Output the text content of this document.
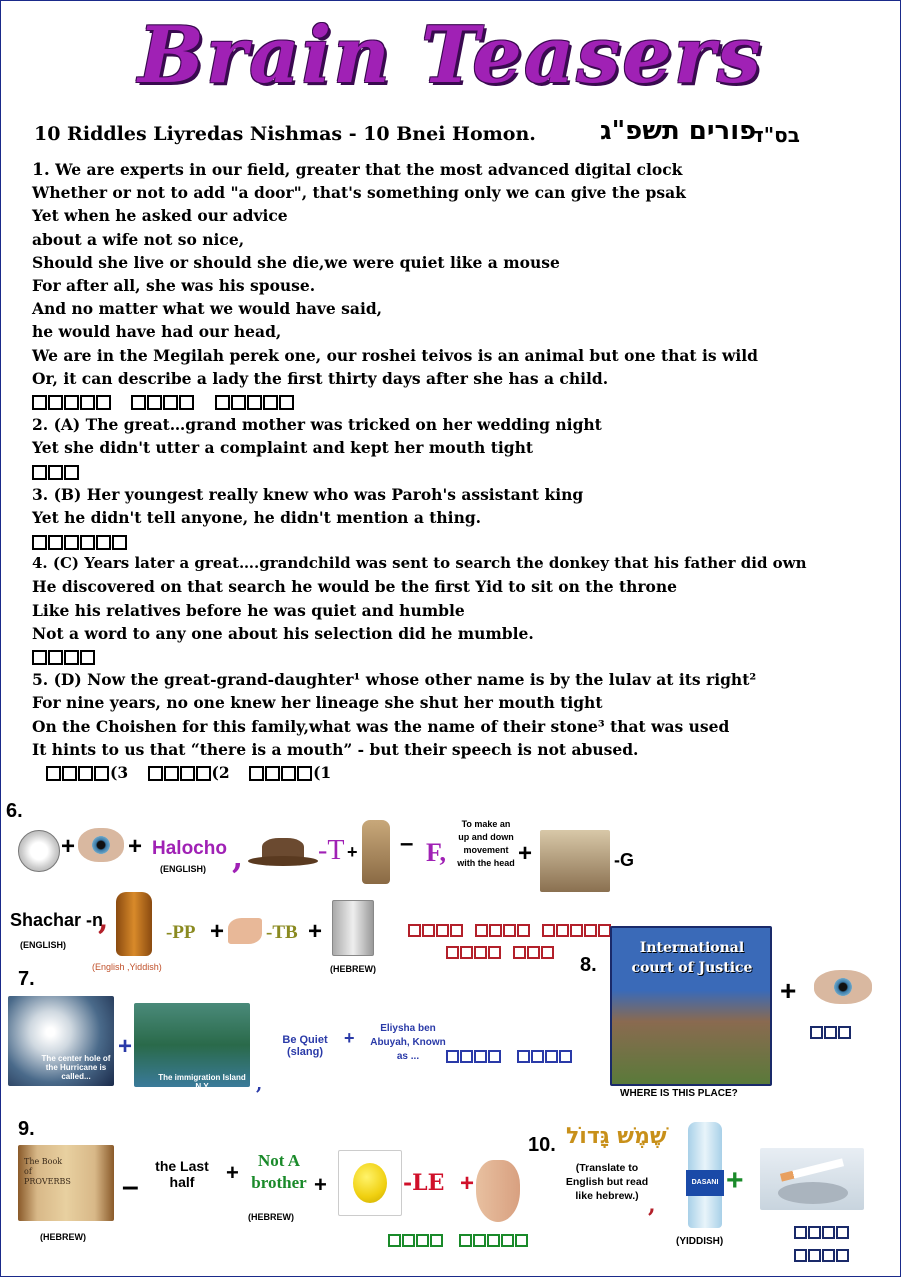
Brain Teasers
10 Riddles Liyredas Nishmas - 10 Bnei Homon. פורים תשפ"ג
בס"ד
1. We are experts in our field, greater that the most advanced digital clock
Whether or not to add "a door", that's something only we can give the psak
Yet when he asked our advice
about a wife not so nice,
Should she live or should she die,we were quiet like a mouse
For after all, she was his spouse.
And no matter what we would have said,
he would have had our head,
We are in the Megilah perek one, our roshei teivos is an animal but one that is wild
Or, it can describe a lady the first thirty days after she has a child.

2. (A) The great…grand mother was tricked on her wedding night
Yet she didn't utter a complaint and kept her mouth tight
3. (B) Her youngest really knew who was Paroh's assistant king
Yet he didn't tell anyone, he didn't mention a thing.
4. (C) Years later a great….grandchild was sent to search the donkey that his father did own
He discovered on that search he would be the first Yid to sit on the throne
Like his relatives before he was quiet and humble
Not a word to any one about his selection did he mumble.
5. (D) Now the great-grand-daughter¹ whose other name is by the lulav at its right²
For nine years, no one knew her lineage she shut her mouth tight
On the Choishen for this family,what was the name of their stone³ that was used
It hints to us that “there is a mouth” - but their speech is not abused.
(3	(2	(1
6.
+ + Halocho
(ENGLISH) ,	-T + – F,
To make an up and down movement with the head +	-G
Shachar -n
(ENGLISH)
,
(English ,Yiddish)
-PP + -TB +
(HEBREW)

7.
The center hole of the Hurricane is called...
+
The immigration Island N.Y	,
Be Quiet (slang)
+	Eliysha ben Abuyah, Known as ...

8.
International court of Justice
WHERE IS THIS PLACE?
+
9.
The Book of PROVERBS
(HEBREW)
–
the Last half	+	Not A brother
(HEBREW)
+	-LE +

10. שֶׁמֶשׁ גָּדוֹל
(Translate to English but read like hebrew.) ,
DASANI
(YIDDISH)
+
